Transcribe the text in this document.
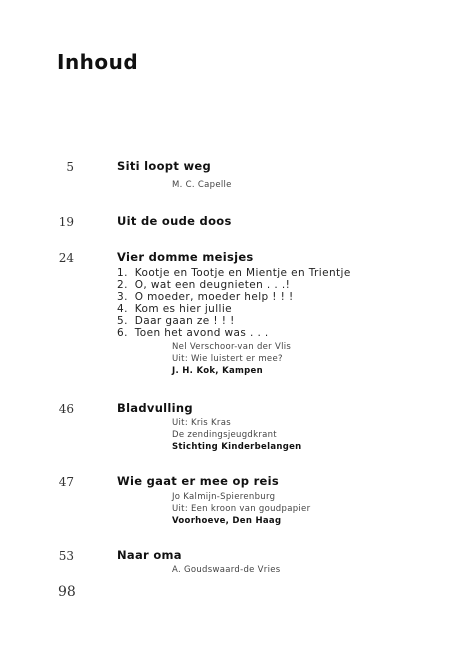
Inhoud
5	Siti loopt weg
M. C. Capelle
19	Uit de oude doos
24	Vier domme meisjes
1. Kootje en Tootje en Mientje en Trientje
2. O, wat een deugnieten . . .!
3. O moeder, moeder help ! ! !
4. Kom es hier jullie
5. Daar gaan ze ! ! !
6. Toen het avond was . . .
Nel Verschoor-van der Vlis
Uit: Wie luistert er mee?
J. H. Kok, Kampen
46	Bladvulling
Uit: Kris Kras
De zendingsjeugdkrant
Stichting Kinderbelangen
47	Wie gaat er mee op reis
Jo Kalmijn-Spierenburg
Uit: Een kroon van goudpapier
Voorhoeve, Den Haag
53	Naar oma
A. Goudswaard-de Vries
98
